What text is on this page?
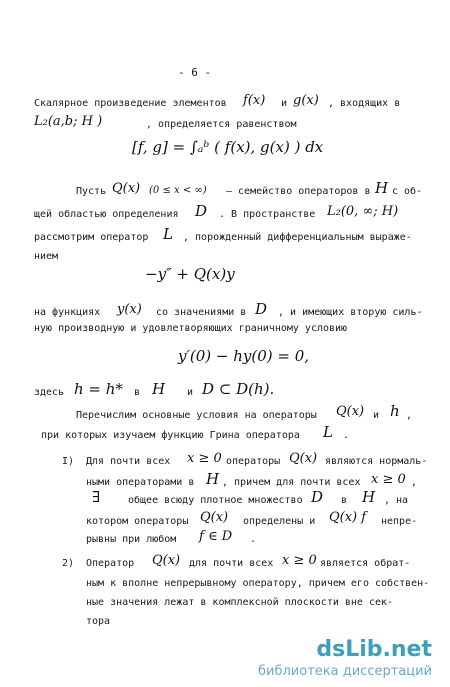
- 6 -
Скалярное произведение элементов f(x) и g(x) , входящих в
L₂(a,b; H )	, определяется равенством
[f, g] = ∫ₐᵇ ( f(x), g(x) ) dx
Пусть Q(x) (0 ≤ x < ∞) – семейство операторов в H с об-
щей областью определения D . В пространстве L₂(0, ∞; H)
рассмотрим оператор L , порожденный дифференциальным выраже-
нием
−y″ + Q(x)y
на функциях y(x) со значениями в D , и имеющих вторую силь-
ную производную и удовлетворяющих граничному условию
y′(0) − hy(0) = 0,
здесь h = h* в H и D ⊂ D(h).
Перечислим основные условия на операторы Q(x) и h ,
при которых изучаем функцию Грина оператора L .
I) Для почти всех x ≥ 0 операторы Q(x) являются нормаль-
ными операторами в H , причем для почти всех x ≥ 0 ,
∃	общее всюду плотное множество D в H , на
котором операторы Q(x) определены и Q(x) f непре-
рывны при любом f ∈ D .
2) Оператор Q(x) для почти всех x ≥ 0 является обрат-
ным к вполне непрерывному оператору, причем его собствен-
ные значения лежат в комплексной плоскости вне сек-
тора
dsLib.net
библиотека диссертаций
